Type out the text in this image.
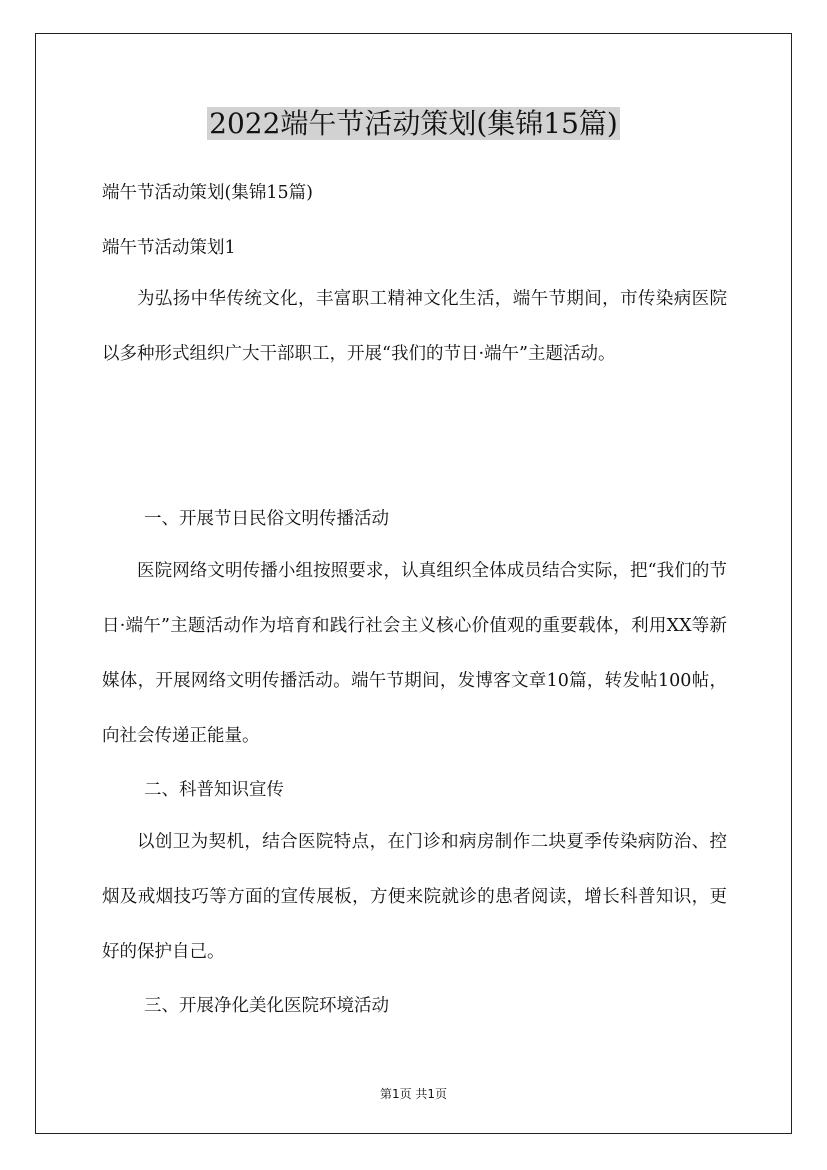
2022端午节活动策划(集锦15篇)
端午节活动策划(集锦15篇)
端午节活动策划1
为弘扬中华传统文化，丰富职工精神文化生活，端午节期间，市传染病医院以多种形式组织广大干部职工，开展“我们的节日·端午”主题活动。
一、开展节日民俗文明传播活动
医院网络文明传播小组按照要求，认真组织全体成员结合实际，把“我们的节日·端午”主题活动作为培育和践行社会主义核心价值观的重要载体，利用XX等新媒体，开展网络文明传播活动。端午节期间，发博客文章10篇，转发帖100帖，向社会传递正能量。
二、科普知识宣传
以创卫为契机，结合医院特点，在门诊和病房制作二块夏季传染病防治、控烟及戒烟技巧等方面的宣传展板，方便来院就诊的患者阅读，增长科普知识，更好的保护自己。
三、开展净化美化医院环境活动
第1页 共1页
